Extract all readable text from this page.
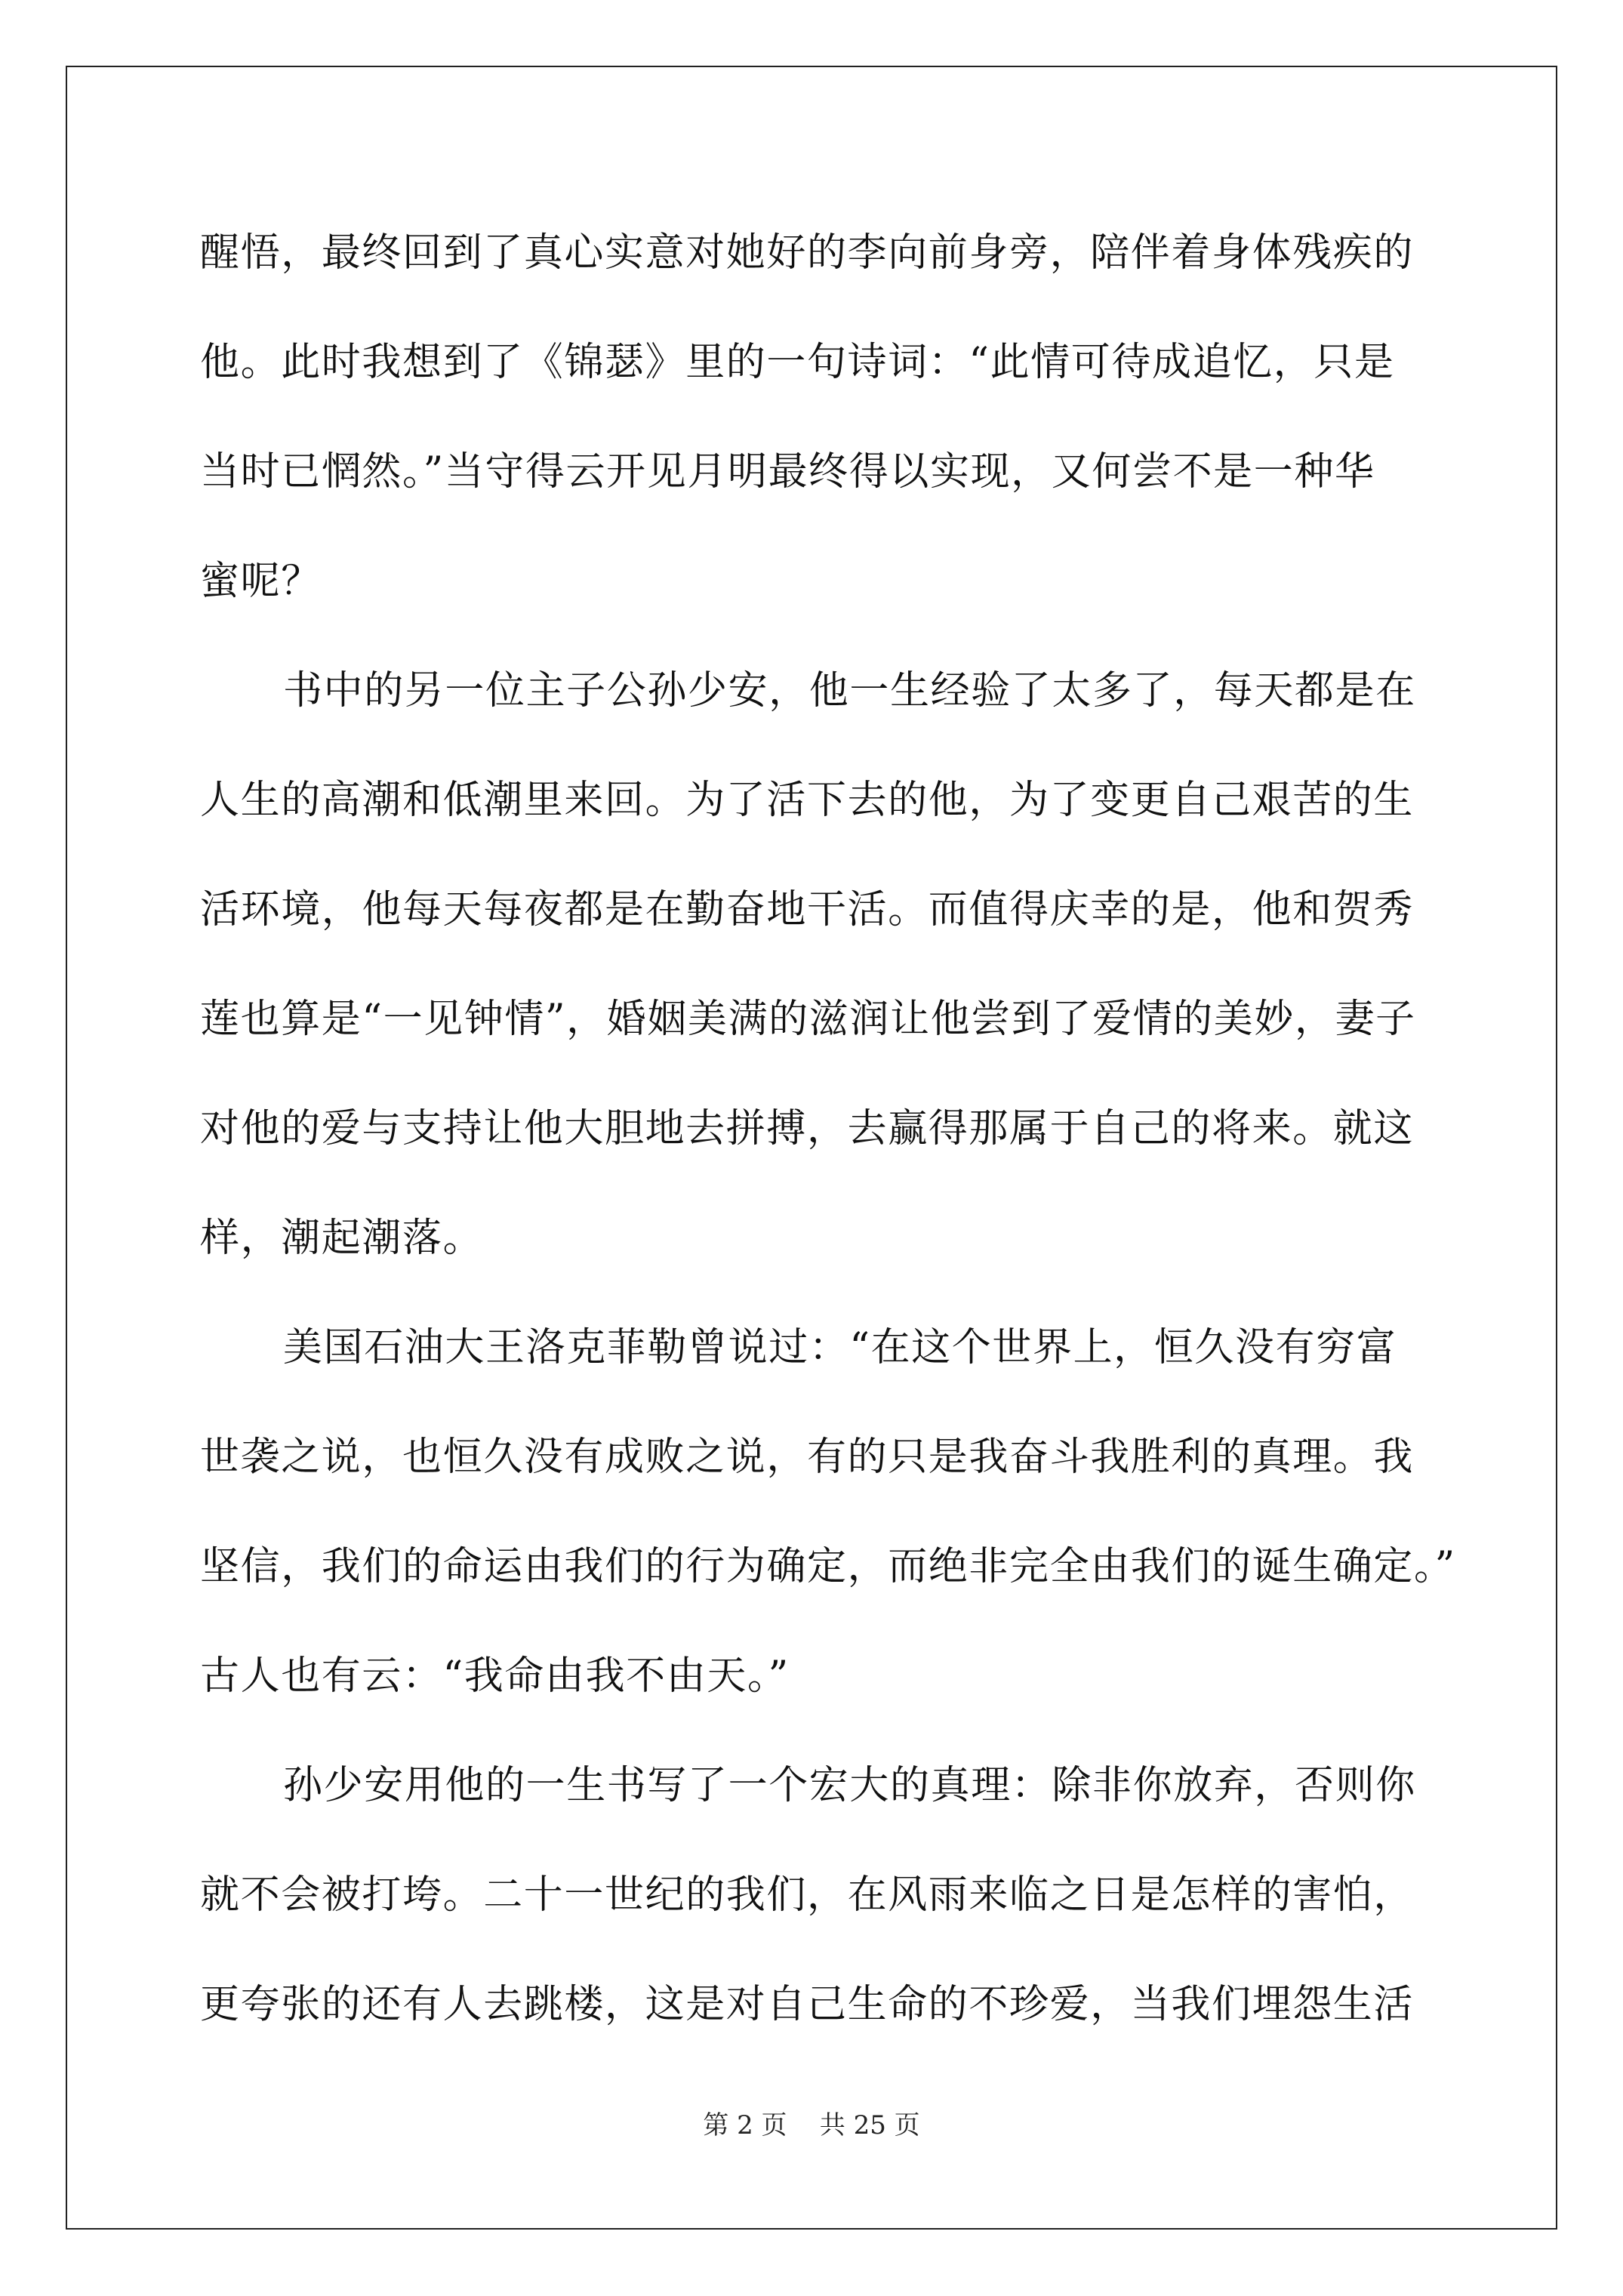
醒悟，最终回到了真心实意对她好的李向前身旁，陪伴着身体残疾的

他。此时我想到了《锦瑟》里的一句诗词：“此情可待成追忆，只是

当时已惘然。”当守得云开见月明最终得以实现，又何尝不是一种华

蜜呢？

书中的另一位主子公孙少安，他一生经验了太多了，每天都是在

人生的高潮和低潮里来回。为了活下去的他，为了变更自己艰苦的生

活环境，他每天每夜都是在勤奋地干活。而值得庆幸的是，他和贺秀

莲也算是“一见钟情”，婚姻美满的滋润让他尝到了爱情的美妙，妻子

对他的爱与支持让他大胆地去拼搏，去赢得那属于自己的将来。就这

样，潮起潮落。

美国石油大王洛克菲勒曾说过：“在这个世界上，恒久没有穷富

世袭之说，也恒久没有成败之说，有的只是我奋斗我胜利的真理。我

坚信，我们的命运由我们的行为确定，而绝非完全由我们的诞生确定。”

古人也有云：“我命由我不由天。”

孙少安用他的一生书写了一个宏大的真理：除非你放弃，否则你

就不会被打垮。二十一世纪的我们，在风雨来临之日是怎样的害怕，

更夸张的还有人去跳楼，这是对自己生命的不珍爱，当我们埋怨生活

第 2 页    共 25 页
